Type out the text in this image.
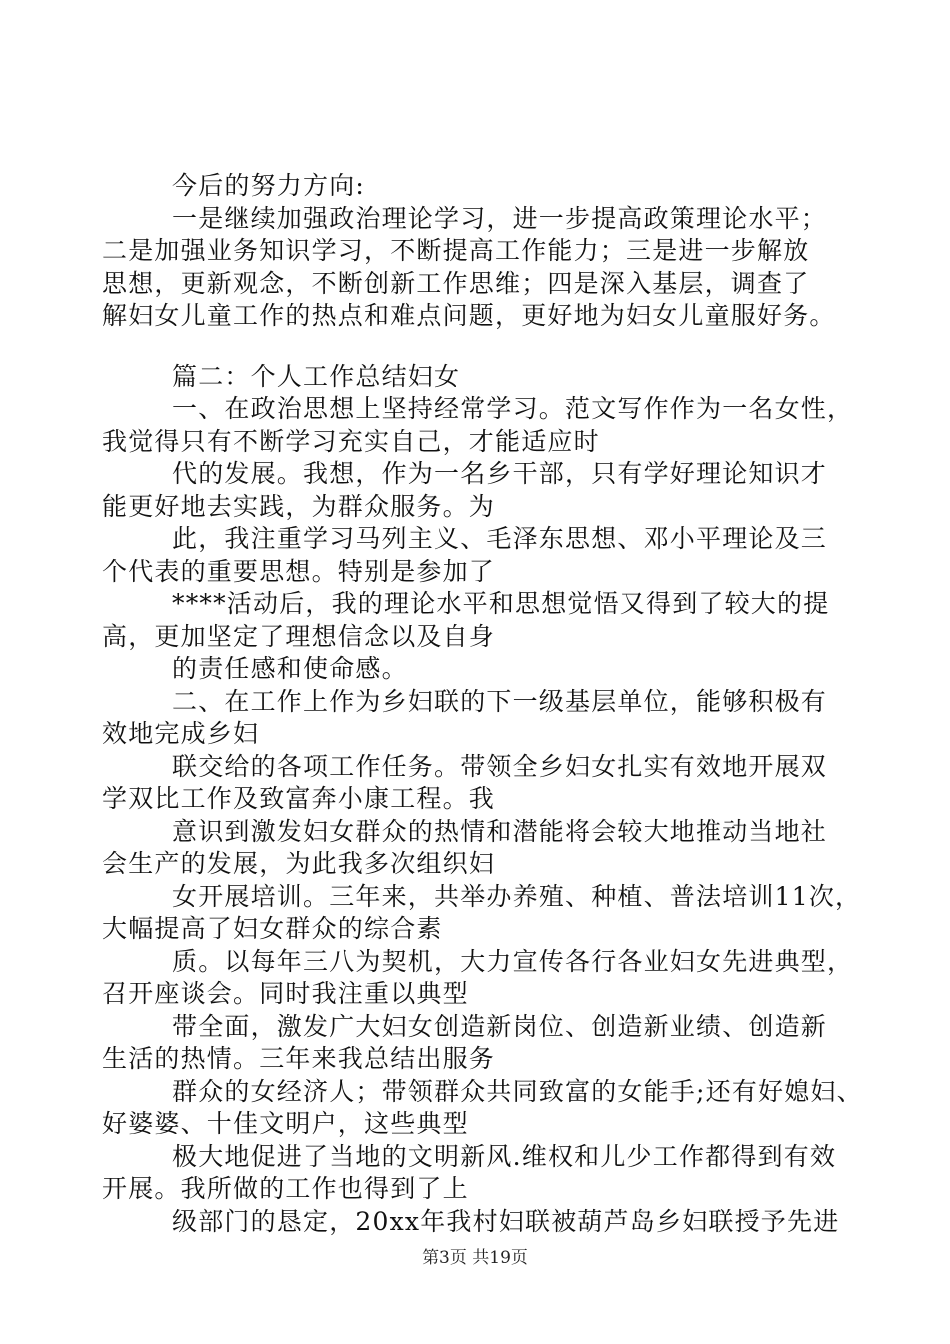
今后的努力方向:
一是继续加强政治理论学习，进一步提高政策理论水平；
二是加强业务知识学习，不断提高工作能力；三是进一步解放
思想，更新观念，不断创新工作思维；四是深入基层，调查了
解妇女儿童工作的热点和难点问题，更好地为妇女儿童服好务。
篇二：个人工作总结妇女
一、在政治思想上坚持经常学习。范文写作作为一名女性，
我觉得只有不断学习充实自己，才能适应时
代的发展。我想，作为一名乡干部，只有学好理论知识才
能更好地去实践，为群众服务。为
此，我注重学习马列主义、毛泽东思想、邓小平理论及三
个代表的重要思想。特别是参加了
****活动后，我的理论水平和思想觉悟又得到了较大的提
高，更加坚定了理想信念以及自身
的责任感和使命感。
二、在工作上作为乡妇联的下一级基层单位，能够积极有
效地完成乡妇
联交给的各项工作任务。带领全乡妇女扎实有效地开展双
学双比工作及致富奔小康工程。我
意识到激发妇女群众的热情和潜能将会较大地推动当地社
会生产的发展，为此我多次组织妇
女开展培训。三年来，共举办养殖、种植、普法培训11次，
大幅提高了妇女群众的综合素
质。以每年三八为契机，大力宣传各行各业妇女先进典型，
召开座谈会。同时我注重以典型
带全面，激发广大妇女创造新岗位、创造新业绩、创造新
生活的热情。三年来我总结出服务
群众的女经济人；带领群众共同致富的女能手;还有好媳妇、
好婆婆、十佳文明户，这些典型
极大地促进了当地的文明新风.维权和儿少工作都得到有效
开展。我所做的工作也得到了上
级部门的恳定，20xx年我村妇联被葫芦岛乡妇联授予先进
第3页 共19页
